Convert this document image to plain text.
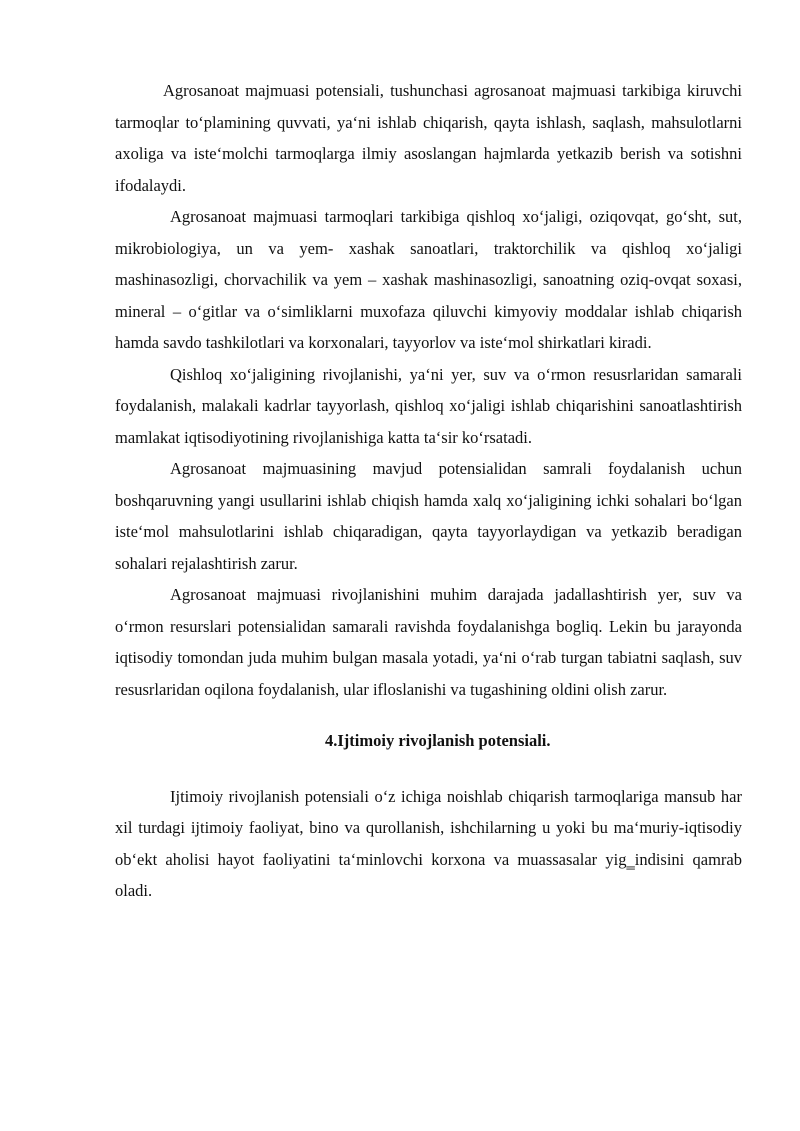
Agrosanoat majmuasi potensiali, tushunchasi agrosanoat majmuasi tarkibiga kiruvchi tarmoqlar to‘plamining quvvati, ya‘ni ishlab chiqarish, qayta ishlash, saqlash, mahsulotlarni axoliga va iste‘molchi tarmoqlarga ilmiy asoslangan hajmlarda yetkazib berish va sotishni ifodalaydi.

Agrosanoat majmuasi tarmoqlari tarkibiga qishloq xo‘jaligi, oziqovqat, go‘sht, sut, mikrobiologiya, un va yem- xashak sanoatlari, traktorchilik va qishloq xo‘jaligi mashinasozligi, chorvachilik va yem – xashak mashinasozligi, sanoatning oziq-ovqat soxasi, mineral – o‘gitlar va o‘simliklarni muxofaza qiluvchi kimyoviy moddalar ishlab chiqarish hamda savdo tashkilotlari va korxonalari, tayyorlov va iste‘mol shirkatlari kiradi.

Qishloq xo‘jaligining rivojlanishi, ya‘ni yer, suv va o‘rmon resusrlaridan samarali foydalanish, malakali kadrlar tayyorlash, qishloq xo‘jaligi ishlab chiqarishini sanoatlashtirish mamlakat iqtisodiyotining rivojlanishiga katta ta‘sir ko‘rsatadi.

Agrosanoat majmuasining mavjud potensialidan samrali foydalanish uchun boshqaruvning yangi usullarini ishlab chiqish hamda xalq xo‘jaligining ichki sohalari bo‘lgan iste‘mol mahsulotlarini ishlab chiqaradigan, qayta tayyorlaydigan va yetkazib beradigan sohalari rejalashtirish zarur.

Agrosanoat majmuasi rivojlanishini muhim darajada jadallashtirish yer, suv va o‘rmon resurslari potensialidan samarali ravishda foydalanishga bogliq. Lekin bu jarayonda iqtisodiy tomondan juda muhim bulgan masala yotadi, ya‘ni o‘rab turgan tabiatni saqlash, suv resusrlaridan oqilona foydalanish, ular ifloslanishi va tugashining oldini olish zarur.

4.Ijtimoiy rivojlanish potensiali.

Ijtimoiy rivojlanish potensiali o‘z ichiga noishlab chiqarish tarmoqlariga mansub har xil turdagi ijtimoiy faoliyat, bino va qurollanish, ishchilarning u yoki bu ma‘muriy-iqtisodiy ob‘ekt aholisi hayot faoliyatini ta‘minlovchi korxona va muassasalar yig‗indisini qamrab oladi.
